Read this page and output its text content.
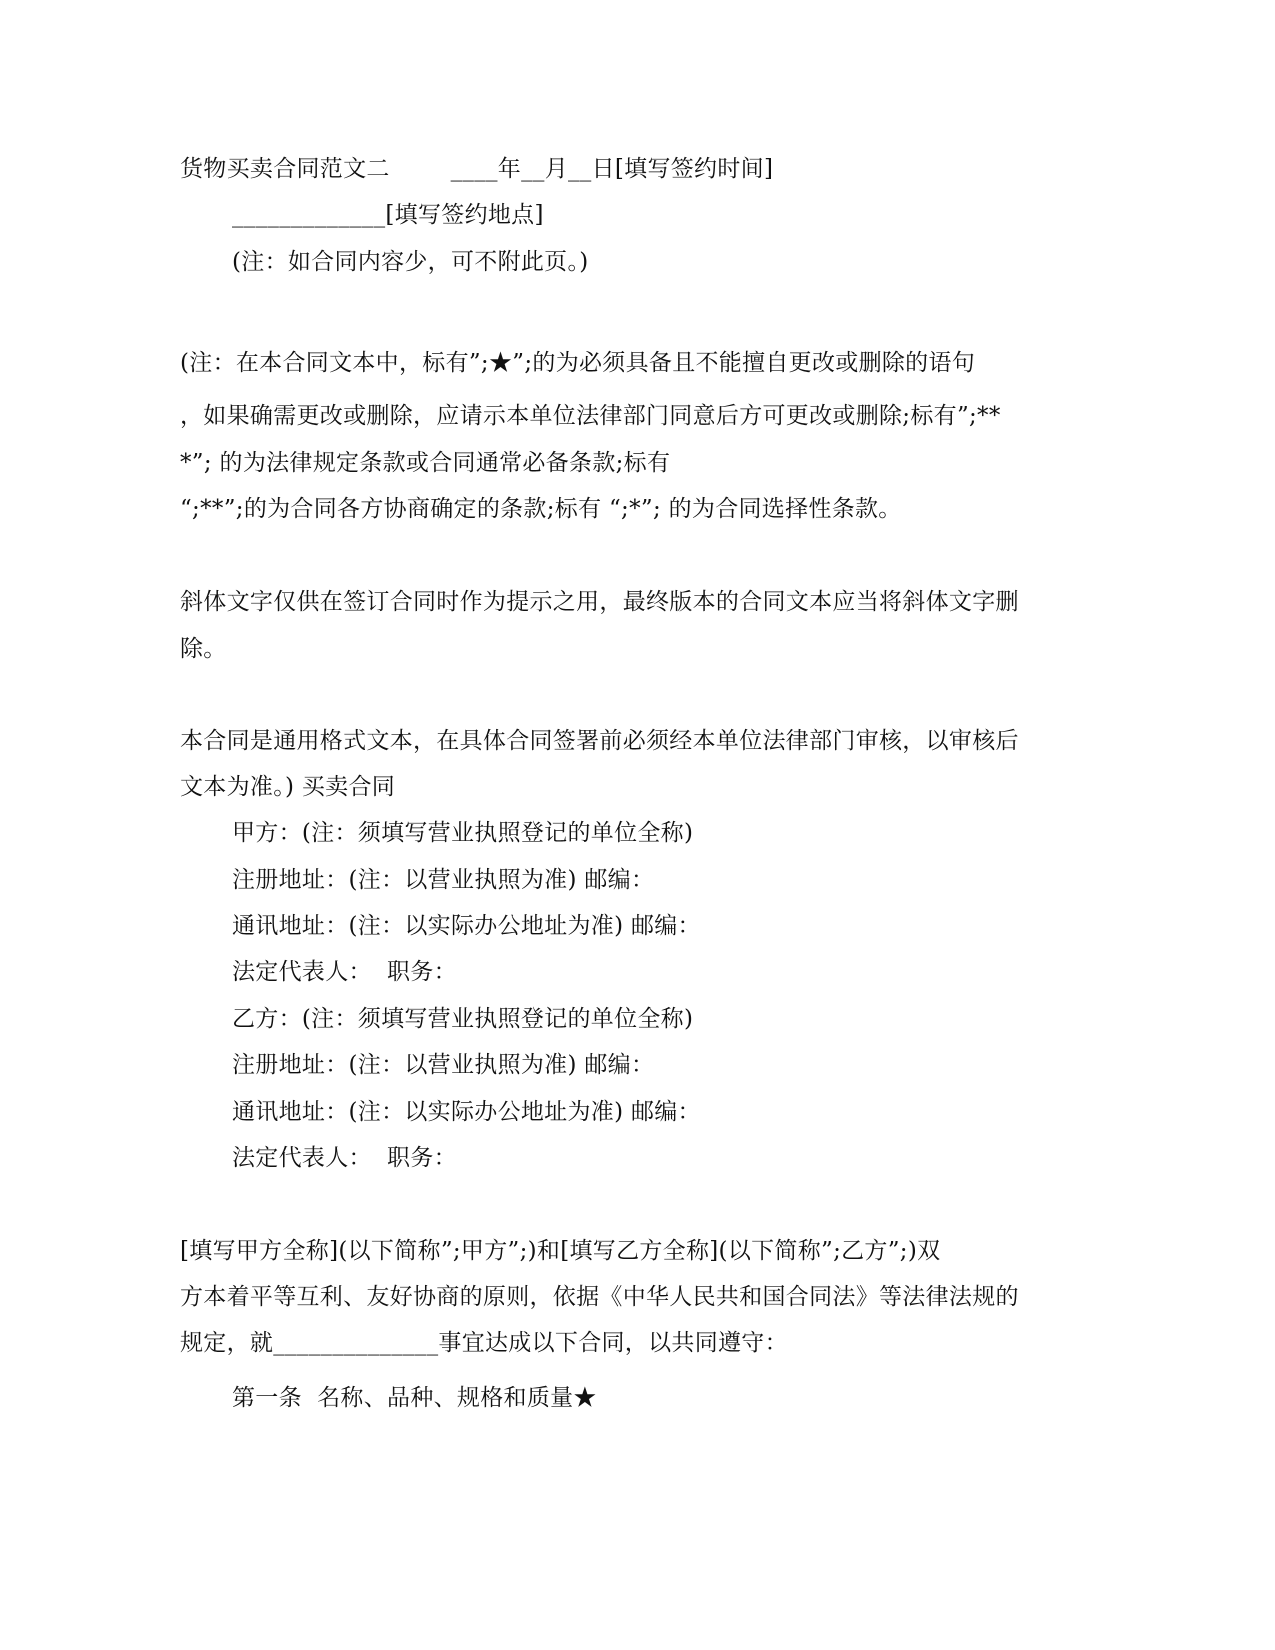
货物买卖合同范文二        ____年__月__日[填写签约时间]
_____________[填写签约地点]
(注：如合同内容少，可不附此页。)
(注：在本合同文本中，标有”;★”;的为必须具备且不能擅自更改或删除的语句
，如果确需更改或删除，应请示本单位法律部门同意后方可更改或删除;标有”;**
*”; 的为法律规定条款或合同通常必备条款;标有
“;**”;的为合同各方协商确定的条款;标有 “;*”; 的为合同选择性条款。
斜体文字仅供在签订合同时作为提示之用，最终版本的合同文本应当将斜体文字删
除。
本合同是通用格式文本，在具体合同签署前必须经本单位法律部门审核，以审核后
文本为准。) 买卖合同
甲方：(注：须填写营业执照登记的单位全称)
注册地址：(注：以营业执照为准) 邮编：
通讯地址：(注：以实际办公地址为准) 邮编：
法定代表人：  职务：
乙方：(注：须填写营业执照登记的单位全称)
注册地址：(注：以营业执照为准) 邮编：
通讯地址：(注：以实际办公地址为准) 邮编：
法定代表人：  职务：
[填写甲方全称](以下简称”;甲方”;)和[填写乙方全称](以下简称”;乙方”;)双
方本着平等互利、友好协商的原则，依据《中华人民共和国合同法》等法律法规的
规定，就______________事宜达成以下合同，以共同遵守：
第一条  名称、品种、规格和质量★
